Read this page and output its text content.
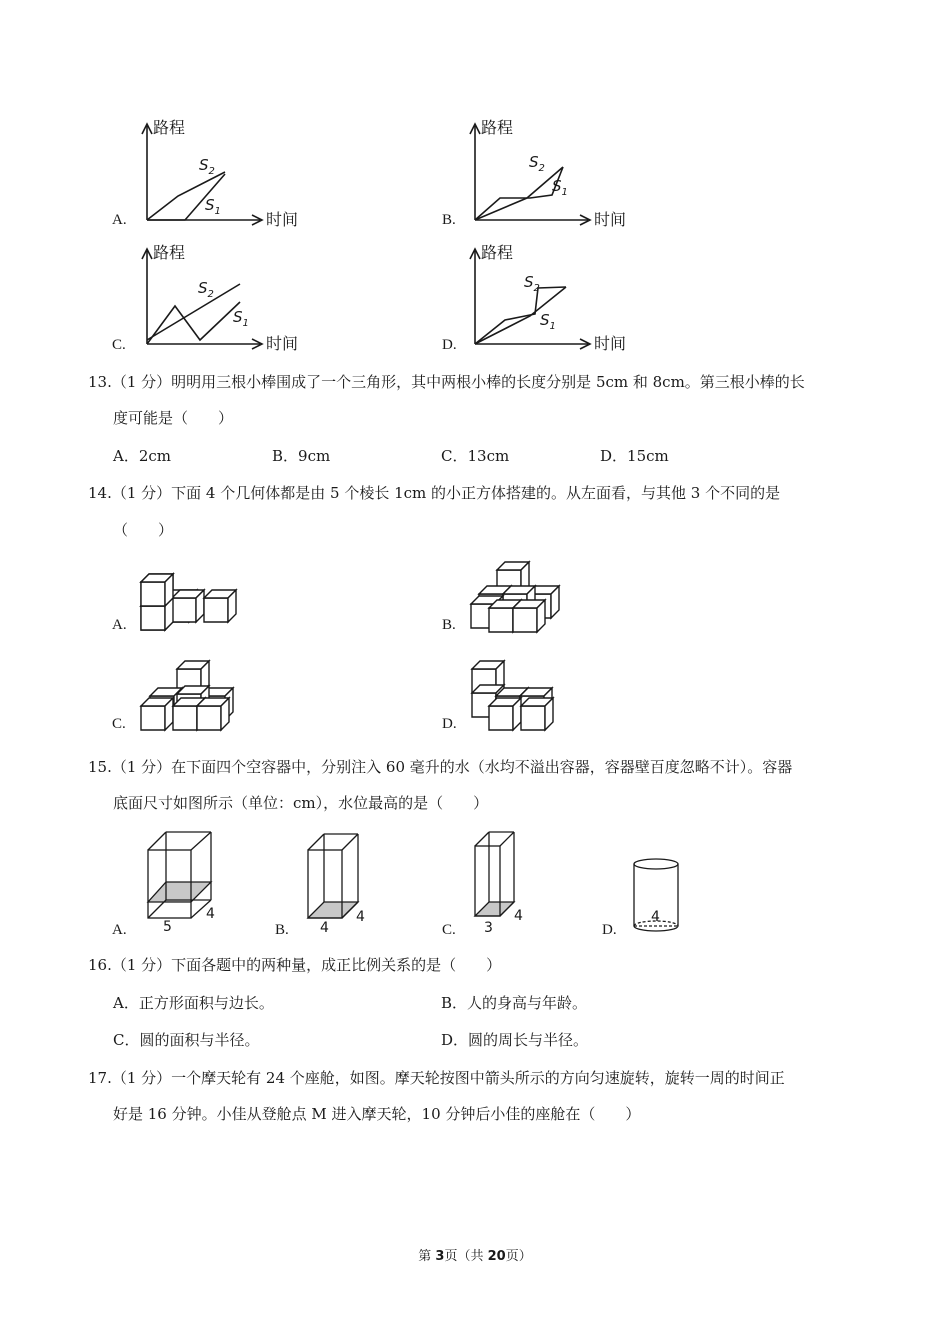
A.
路程
时间
$S_2$
$S_1$
B.
路程
时间
$S_2$
$S_1$
C.
路程
时间
$S_2$
$S_1$
D.
路程
时间
$S_2$
$S_1$
13.（1 分）明明用三根小棒围成了一个三角形，其中两根小棒的长度分别是 5cm 和 8cm。第三根小棒的长
度可能是（　　）
A．2cm	B．9cm	C．13cm	D．15cm
14.（1 分）下面 4 个几何体都是由 5 个棱长 1cm 的小正方体搭建的。从左面看，与其他 3 个不同的是
（　　）
A.	B.
C.	D.
15.（1 分）在下面四个空容器中，分别注入 60 毫升的水（水均不溢出容器，容器壁百度忽略不计）。容器
底面尺寸如图所示（单位：cm），水位最高的是（　　）
5
4
4
4
3
4	4
A.	B.	C.	D.
16.（1 分）下面各题中的两种量，成正比例关系的是（　　）
A．正方形面积与边长。	B．人的身高与年龄。
C．圆的面积与半径。	D．圆的周长与半径。
17.（1 分）一个摩天轮有 24 个座舱，如图。摩天轮按图中箭头所示的方向匀速旋转，旋转一周的时间正
好是 16 分钟。小佳从登舱点 M 进入摩天轮，10 分钟后小佳的座舱在（　　）
第 3页（共 20页）
